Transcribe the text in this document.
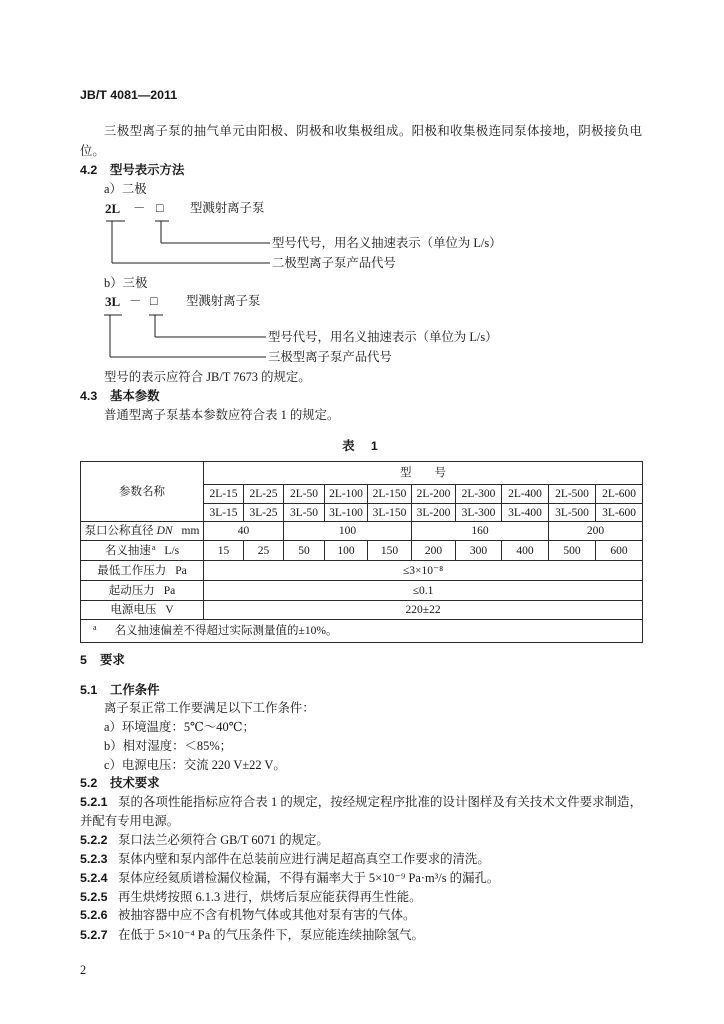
JB/T 4081—2011

三极型离子泵的抽气单元由阳极、阴极和收集极组成。阳极和收集极连同泵体接地，阴极接负电位。

4.2 型号表示方法
a）二极
2L － □ 型溅射离子泵
型号代号，用名义抽速表示（单位为 L/s）
二极型离子泵产品代号
b）三极
3L － □ 型溅射离子泵
型号代号，用名义抽速表示（单位为 L/s）
三极型离子泵产品代号
型号的表示应符合 JB/T 7673 的规定。
4.3 基本参数
普通型离子泵基本参数应符合表 1 的规定。
表　1
参数名称	型　　号									
	2L-15	2L-25	2L-50	2L-100	2L-150	2L-200	2L-300	2L-400	2L-500	2L-600
	3L-15	3L-25	3L-50	3L-100	3L-150	3L-200	3L-300	3L-400	3L-500	3L-600
泵口公称直径 DN mm	40		100			160			200	
名义抽速$^a$ L/s	15	25	50	100	150	200	300	400	500	600
最低工作压力 Pa	≤3×10⁻⁸									
起动压力 Pa	≤0.1									
电源电压 V	220±22									
$^a$ 名义抽速偏差不得超过实际测量值的±10%。										
5 要求
5.1 工作条件
离子泵正常工作要满足以下工作条件：
a）环境温度：5℃～40℃；
b）相对湿度：＜85%；
c）电源电压：交流 220 V±22 V。
5.2 技术要求
5.2.1 泵的各项性能指标应符合表 1 的规定，按经规定程序批准的设计图样及有关技术文件要求制造，并配有专用电源。
5.2.2 泵口法兰必须符合 GB/T 6071 的规定。
5.2.3 泵体内壁和泵内部件在总装前应进行满足超高真空工作要求的清洗。
5.2.4 泵体应经氦质谱检漏仪检漏，不得有漏率大于 5×10⁻⁹ Pa·m³/s 的漏孔。
5.2.5 再生烘烤按照 6.1.3 进行，烘烤后泵应能获得再生性能。
5.2.6 被抽容器中应不含有机物气体或其他对泵有害的气体。
5.2.7 在低于 5×10⁻⁴ Pa 的气压条件下，泵应能连续抽除氢气。
2
